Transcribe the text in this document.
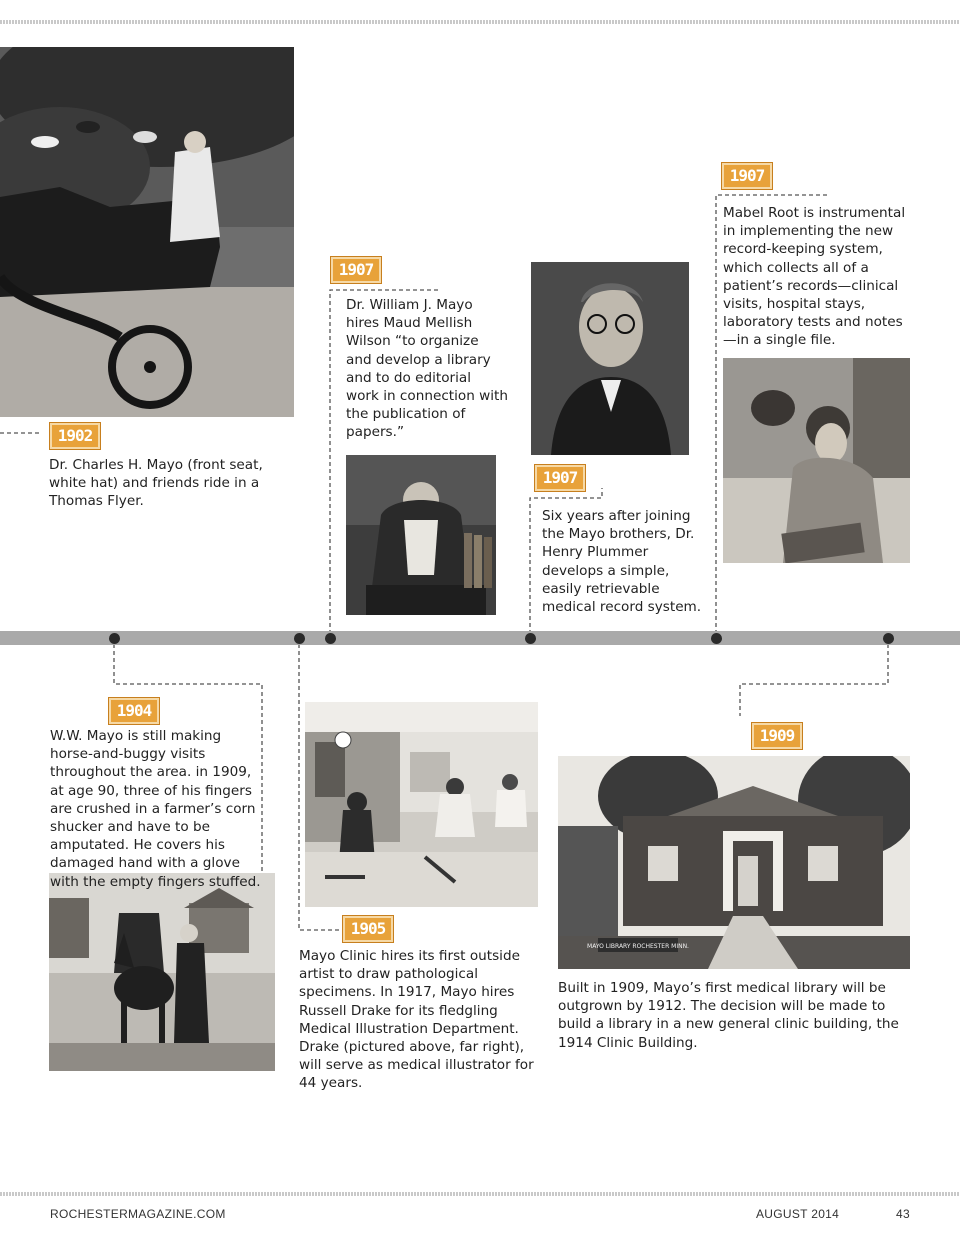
MAYO LIBRARY ROCHESTER MINN.
1902
1907
1907
1907
1904
1905
1909
Dr. Charles H. Mayo (front seat, white hat) and friends ride in a Thomas Flyer.
Dr. William J. Mayo hires Maud Mellish Wilson “to organize and develop a library and to do editorial work in connection with the publication of papers.”
Six years after joining the Mayo brothers, Dr. Henry Plummer develops a simple, easily retrievable medical record system.
Mabel Root is instrumental in implementing the new record-keeping system, which collects all of a patient’s records—clinical visits, hospital stays, laboratory tests and notes—in a single file.
W.W. Mayo is still making horse-and-buggy visits throughout the area. in 1909, at age 90, three of his fingers are crushed in a farmer’s corn shucker and have to be amputated. He covers his damaged hand with a glove with the empty fingers stuffed.
Mayo Clinic hires its first outside artist to draw pathological specimens. In 1917, Mayo hires Russell Drake for its fledgling Medical Illustration Department. Drake (pictured above, far right), will serve as medical illustrator for 44 years.
Built in 1909, Mayo’s first medical library will be outgrown by 1912. The decision will be made to build a library in a new general clinic building, the 1914 Clinic Building.
ROCHESTERMAGAZINE.COM	AUGUST 2014	43
